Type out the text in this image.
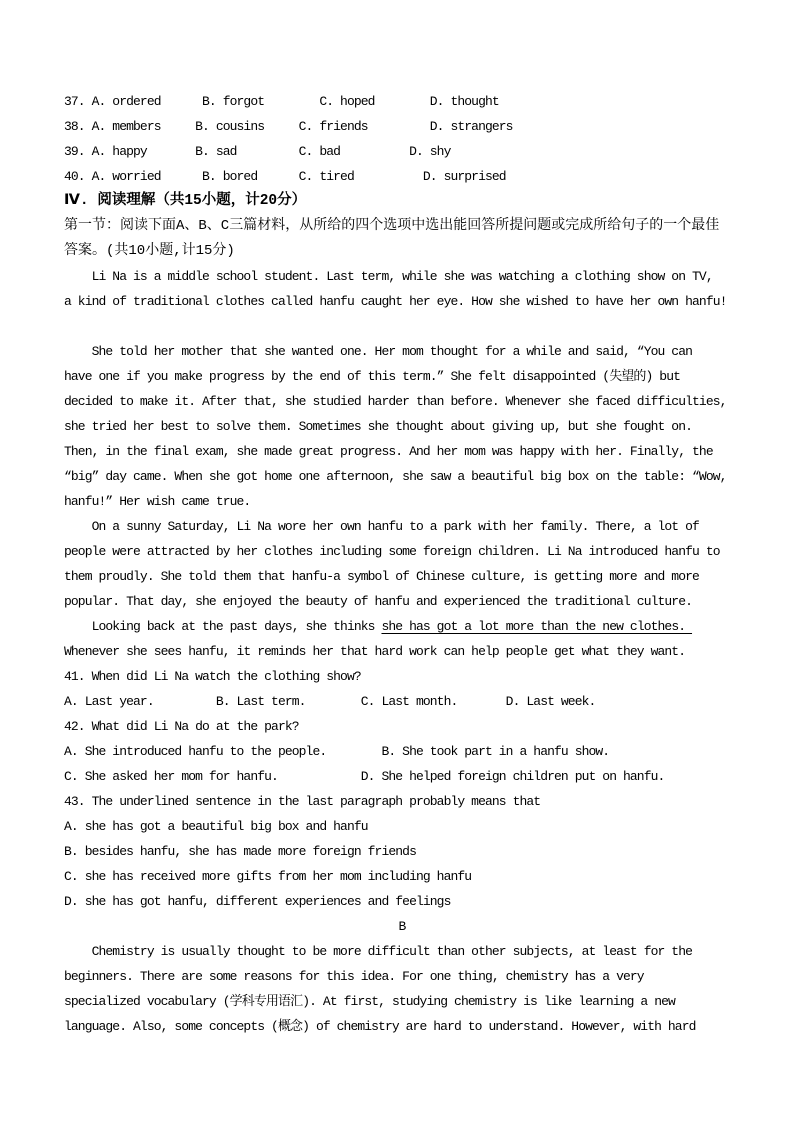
37. A. ordered      B. forgot        C. hoped        D. thought
38. A. members     B. cousins     C. friends         D. strangers
39. A. happy       B. sad         C. bad          D. shy
40. A. worried      B. bored      C. tired          D. surprised
Ⅳ. 阅读理解（共15小题，计20分）
第一节：阅读下面A、B、C三篇材料，从所给的四个选项中选出能回答所提问题或完成所给句子的一个最佳
答案。(共10小题,计15分)
Li Na is a middle school student. Last term, while she was watching a clothing show on TV,
a kind of traditional clothes called hanfu caught her eye. How she wished to have her own hanfu!
She told her mother that she wanted one. Her mom thought for a while and said, “You can
have one if you make progress by the end of this term.” She felt disappointed (失望的) but
decided to make it. After that, she studied harder than before. Whenever she faced difficulties,
she tried her best to solve them. Sometimes she thought about giving up, but she fought on.
Then, in the final exam, she made great progress. And her mom was happy with her. Finally, the
“big” day came. When she got home one afternoon, she saw a beautiful big box on the table: “Wow,
hanfu!” Her wish came true.
On a sunny Saturday, Li Na wore her own hanfu to a park with her family. There, a lot of
people were attracted by her clothes including some foreign children. Li Na introduced hanfu to
them proudly. She told them that hanfu-a symbol of Chinese culture, is getting more and more
popular. That day, she enjoyed the beauty of hanfu and experienced the traditional culture.
Looking back at the past days, she thinks she has got a lot more than the new clothes.
Whenever she sees hanfu, it reminds her that hard work can help people get what they want.
41. When did Li Na watch the clothing show?
A. Last year.         B. Last term.        C. Last month.       D. Last week.
42. What did Li Na do at the park?
A. She introduced hanfu to the people.        B. She took part in a hanfu show.
C. She asked her mom for hanfu.            D. She helped foreign children put on hanfu.
43. The underlined sentence in the last paragraph probably means that
A. she has got a beautiful big box and hanfu
B. besides hanfu, she has made more foreign friends
C. she has received more gifts from her mom including hanfu
D. she has got hanfu, different experiences and feelings
B
Chemistry is usually thought to be more difficult than other subjects, at least for the
beginners. There are some reasons for this idea. For one thing, chemistry has a very
specialized vocabulary (学科专用语汇). At first, studying chemistry is like learning a new
language. Also, some concepts (概念) of chemistry are hard to understand. However, with hard
